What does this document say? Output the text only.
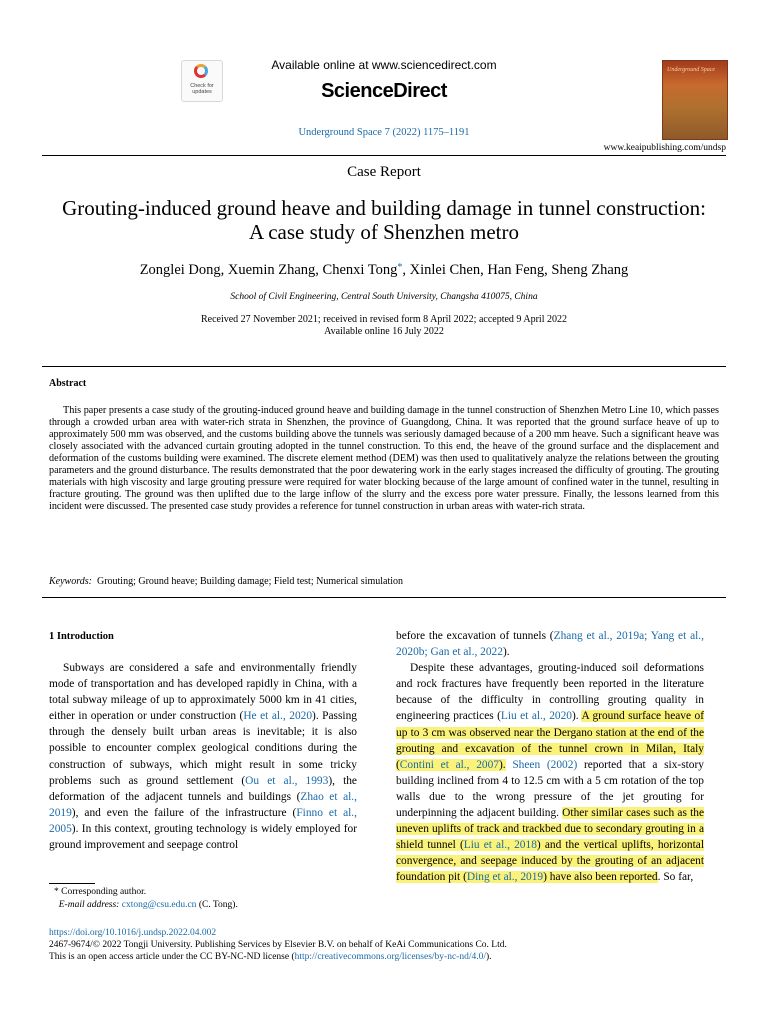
Check for updates
Available online at www.sciencedirect.com
ScienceDirect
Underground Space 7 (2022) 1175–1191
Underground Space
www.keaipublishing.com/undsp
Case Report
Grouting-induced ground heave and building damage in tunnel construction: A case study of Shenzhen metro
Zonglei Dong, Xuemin Zhang, Chenxi Tong*, Xinlei Chen, Han Feng, Sheng Zhang
School of Civil Engineering, Central South University, Changsha 410075, China
Received 27 November 2021; received in revised form 8 April 2022; accepted 9 April 2022
Available online 16 July 2022
Abstract
This paper presents a case study of the grouting-induced ground heave and building damage in the tunnel construction of Shenzhen Metro Line 10, which passes through a crowded urban area with water-rich strata in Shenzhen, the province of Guangdong, China. It was reported that the ground surface heave of up to approximately 500 mm was observed, and the customs building above the tunnels was seriously damaged because of a 200 mm heave. Such a significant heave was closely associated with the advanced curtain grouting adopted in the tunnel construction. To this end, the heave of the ground surface and the displacement and deformation of the customs building were examined. The discrete element method (DEM) was then used to qualitatively analyze the relations between the grouting parameters and the ground disturbance. The results demonstrated that the poor dewatering work in the early stages increased the difficulty of grouting. The grouting materials with high viscosity and large grouting pressure were required for water blocking because of the large amount of confined water in the tunnel, resulting in fracture grouting. The ground was then uplifted due to the large inflow of the slurry and the excess pore water pressure. Finally, the lessons learned from this incident were discussed. The presented case study provides a reference for tunnel construction in urban areas with water-rich strata.
Keywords: Grouting; Ground heave; Building damage; Field test; Numerical simulation
1 Introduction

Subways are considered a safe and environmentally friendly mode of transportation and has developed rapidly in China, with a total subway mileage of up to approximately 5000 km in 41 cities, either in operation or under construction (He et al., 2020). Passing through the densely built urban areas is inevitable; it is also possible to encounter complex geological conditions during the construction of subways, which might result in some tricky problems such as ground settlement (Ou et al., 1993), the deformation of the adjacent tunnels and buildings (Zhao et al., 2019), and even the failure of the infrastructure (Finno et al., 2005). In this context, grouting technology is widely employed for ground improvement and seepage control

before the excavation of tunnels (Zhang et al., 2019a; Yang et al., 2020b; Gan et al., 2022).

Despite these advantages, grouting-induced soil deformations and rock fractures have frequently been reported in the literature because of the difficulty in controlling grouting quality in engineering practices (Liu et al., 2020). A ground surface heave of up to 3 cm was observed near the Dergano station at the end of the grouting and excavation of the tunnel crown in Milan, Italy (Contini et al., 2007). Sheen (2002) reported that a six-story building inclined from 4 to 12.5 cm with a 5 cm rotation of the top walls due to the wrong pressure of the jet grouting for underpinning the adjacent building. Other similar cases such as the uneven uplifts of track and trackbed due to secondary grouting in a shield tunnel (Liu et al., 2018) and the vertical uplifts, horizontal convergence, and seepage induced by the grouting of an adjacent foundation pit (Ding et al., 2019) have also been reported. So far,

* Corresponding author.
E-mail address: cxtong@csu.edu.cn (C. Tong).
https://doi.org/10.1016/j.undsp.2022.04.002
2467-9674/© 2022 Tongji University. Publishing Services by Elsevier B.V. on behalf of KeAi Communications Co. Ltd.
This is an open access article under the CC BY-NC-ND license (http://creativecommons.org/licenses/by-nc-nd/4.0/).
